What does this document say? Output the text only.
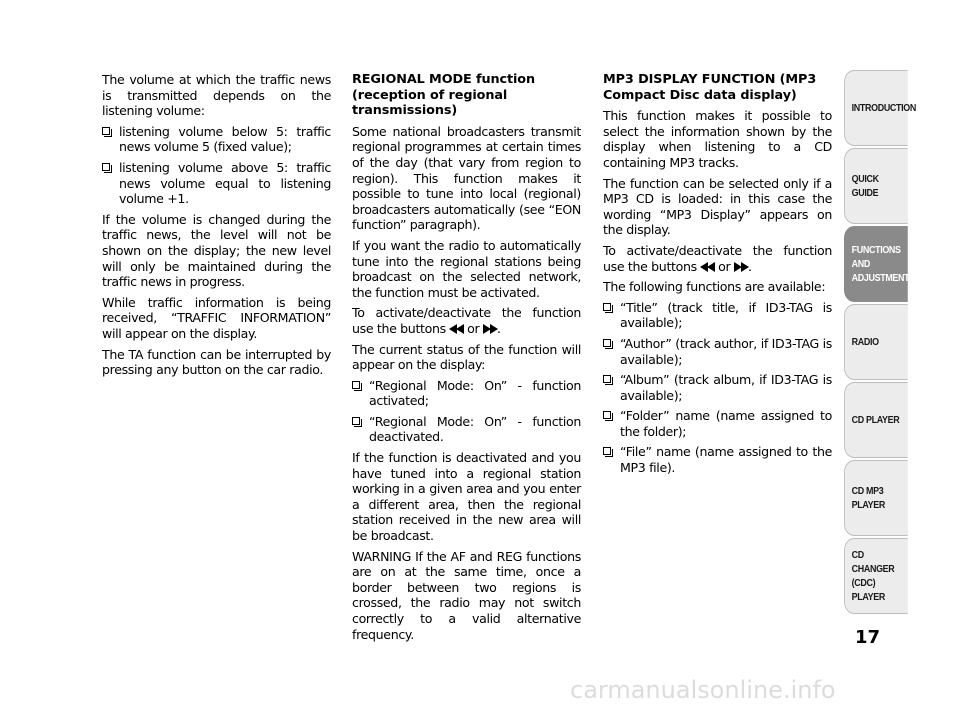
The volume at which the traffic news is transmitted depends on the listening volume:

listening volume below 5: traffic news volume 5 (fixed value);
listening volume above 5: traffic news volume equal to listening volume +1.

If the volume is changed during the traffic news, the level will not be shown on the display; the new level will only be maintained during the traffic news in progress.

While traffic information is being received, “TRAFFIC INFORMATION” will appear on the display.

The TA function can be interrupted by pressing any button on the car radio.

REGIONAL MODE function (reception of regional transmissions)

Some national broadcasters transmit regional programmes at certain times of the day (that vary from region to region). This function makes it possible to tune into local (regional) broadcasters automatically (see “EON function” paragraph).

If you want the radio to automatically tune into the regional stations being broadcast on the selected network, the function must be activated.

To activate/deactivate the function use the buttons  or .

The current status of the function will appear on the display:

“Regional Mode: On” - function activated;
“Regional Mode: On” - function deactivated.

If the function is deactivated and you have tuned into a regional station working in a given area and you enter a different area, then the regional station received in the new area will be broadcast.

WARNING If the AF and REG functions are on at the same time, once a border between two regions is crossed, the radio may not switch correctly to a valid alternative frequency.

MP3 DISPLAY FUNCTION (MP3 Compact Disc data display)

This function makes it possible to select the information shown by the display when listening to a CD containing MP3 tracks.

The function can be selected only if a MP3 CD is loaded: in this case the wording “MP3 Display” appears on the display.

To activate/deactivate the function use the buttons  or .

The following functions are available:

“Title” (track title, if ID3-TAG is available);
“Author” (track author, if ID3-TAG is available);
“Album” (track album, if ID3-TAG is available);
“Folder” name (name assigned to the folder);
“File” name (name assigned to the MP3 file).
INTRODUCTION
QUICK
GUIDE
FUNCTIONS
AND
ADJUSTMENTS
RADIO
CD PLAYER
CD MP3
PLAYER
CD CHANGER
(CDC) PLAYER
17
carmanualsonline.info
